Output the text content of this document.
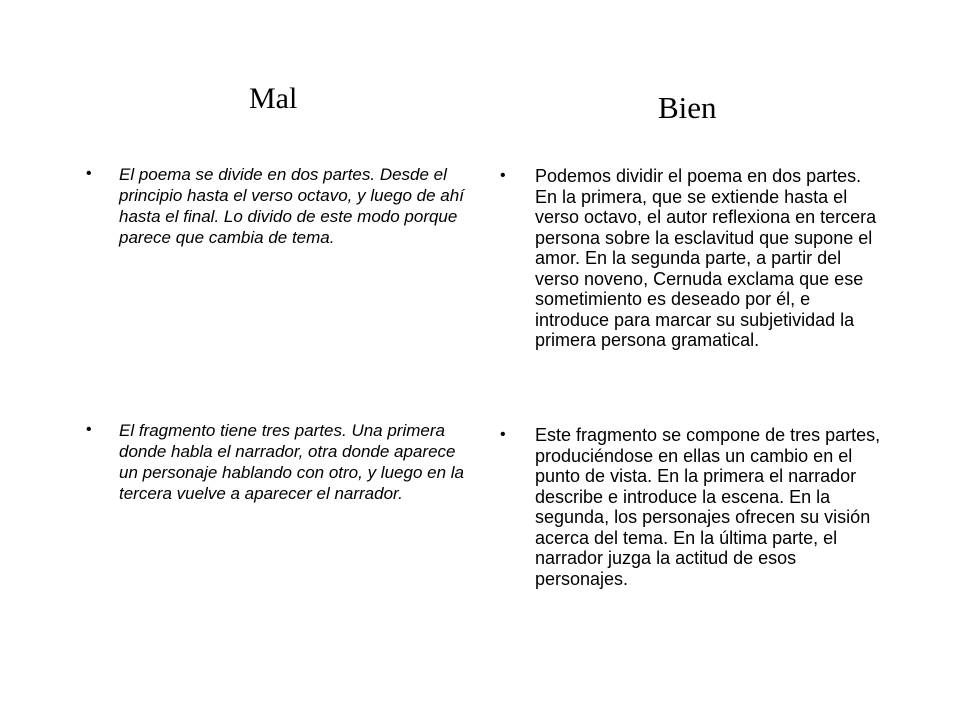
Mal	Bien
• El poema se divide en dos partes. Desde el principio hasta el verso octavo, y luego de ahí hasta el final. Lo divido de este modo porque parece que cambia de tema.
• El fragmento tiene tres partes. Una primera donde habla el narrador, otra donde aparece un personaje hablando con otro, y luego en la tercera vuelve a aparecer el narrador.
• Podemos dividir el poema en dos partes. En la primera, que se extiende hasta el verso octavo, el autor reflexiona en tercera persona sobre la esclavitud que supone el amor. En la segunda parte, a partir del verso noveno, Cernuda exclama que ese sometimiento es deseado por él, e introduce para marcar su subjetividad la primera persona gramatical.
• Este fragmento se compone de tres partes, produciéndose en ellas un cambio en el punto de vista. En la primera el narrador describe e introduce la escena. En la segunda, los personajes ofrecen su visión acerca del tema. En la última parte, el narrador juzga la actitud de esos personajes.
